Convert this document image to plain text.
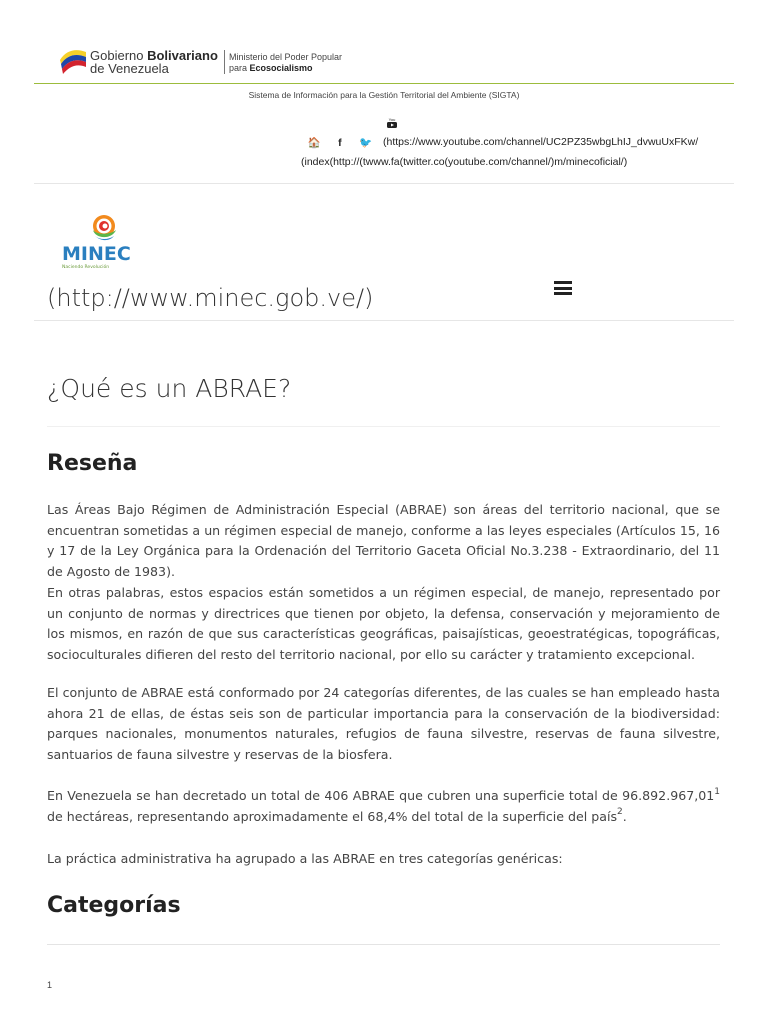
Gobierno Bolivariano
de Venezuela
Ministerio del Poder Popular
para Ecosocialismo
Sistema de Información para la Gestión Territorial del Ambiente (SIGTA)
You
🏠 f 🐦	(https://www.youtube.com/channel/UC2PZ35wbgLhIJ_dvwuUxFKw/
(index(http://(twww.fa(twitter.co(youtube.com/channel/)m/minecoficial/)
MINEC
Naciendo Revolución
(http://www.minec.gob.ve/)
¿Qué es un ABRAE?
Reseña

Las Áreas Bajo Régimen de Administración Especial (ABRAE) son áreas del territorio nacional, que se encuentran sometidas a un régimen especial de manejo, conforme a las leyes especiales (Artículos 15, 16 y 17 de la Ley Orgánica para la Ordenación del Territorio Gaceta Oficial No.3.238 - Extraordinario, del 11 de Agosto de 1983).

En otras palabras, estos espacios están sometidos a un régimen especial, de manejo, representado por un conjunto de normas y directrices que tienen por objeto, la defensa, conservación y mejoramiento de los mismos, en razón de que sus características geográficas, paisajísticas, geoestratégicas, topográficas, socioculturales difieren del resto del territorio nacional, por ello su carácter y tratamiento excepcional.

El conjunto de ABRAE está conformado por 24 categorías diferentes, de las cuales se han empleado hasta ahora 21 de ellas, de éstas seis son de particular importancia para la conservación de la biodiversidad: parques nacionales, monumentos naturales, refugios de fauna silvestre, reservas de fauna silvestre, santuarios de fauna silvestre y reservas de la biosfera.

En Venezuela se han decretado un total de 406 ABRAE que cubren una superficie total de 96.892.967,01$^1$ de hectáreas, representando aproximadamente el 68,4% del total de la superficie del país$^2$.

La práctica administrativa ha agrupado a las ABRAE en tres categorías genéricas:

Categorías
1
